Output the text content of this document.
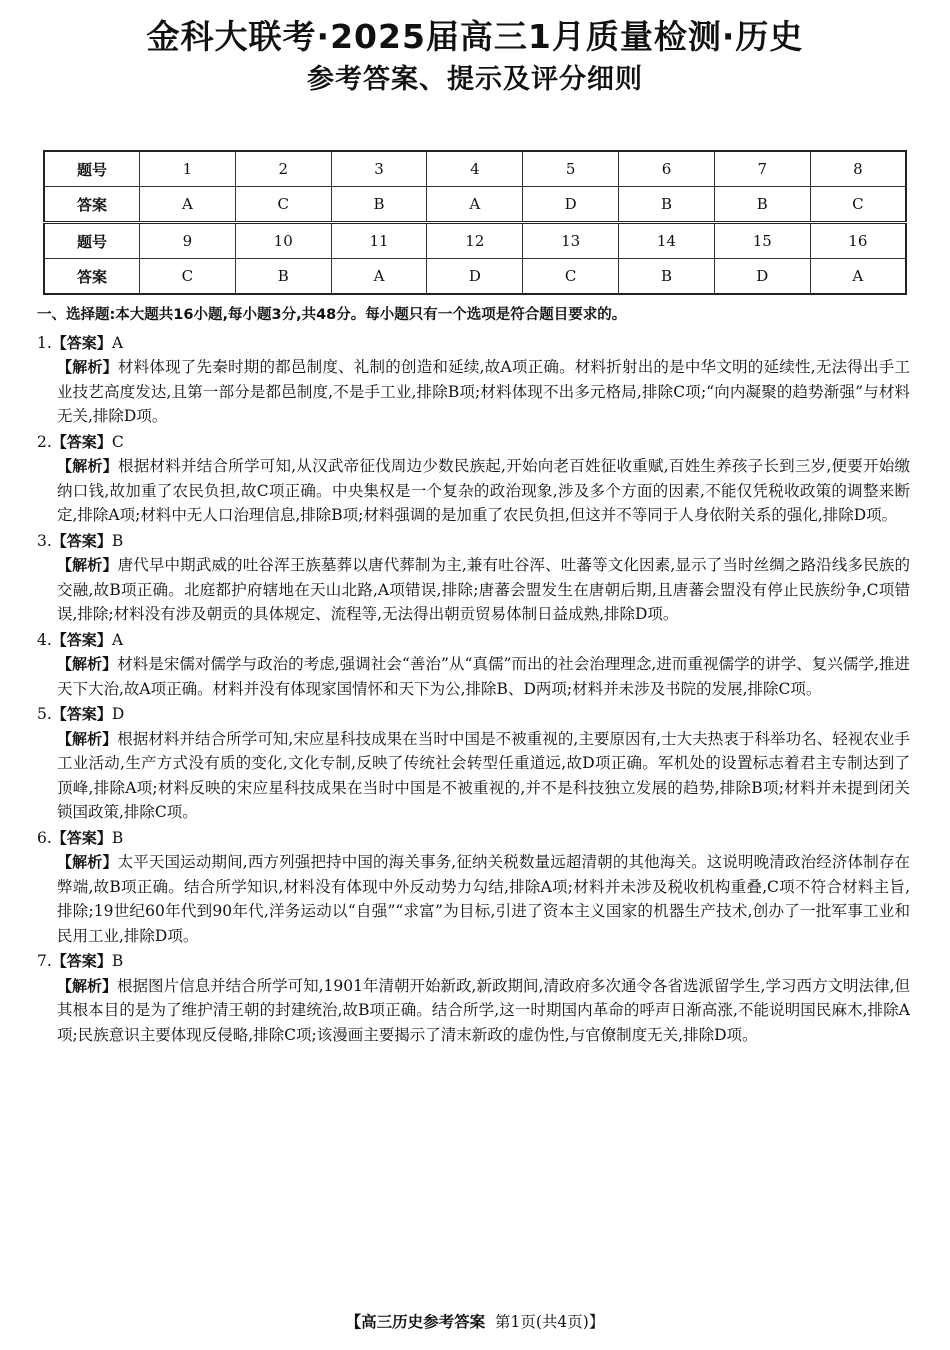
金科大联考·2025届高三1月质量检测·历史
参考答案、提示及评分细则
题号	1	2	3	4	5	6	7	8
答案	A	C	B	A	D	B	B	C
题号	9	10	11	12	13	14	15	16
答案	C	B	A	D	C	B	D	A
一、选择题:本大题共16小题,每小题3分,共48分。每小题只有一个选项是符合题目要求的。
1.【答案】A
【解析】材料体现了先秦时期的都邑制度、礼制的创造和延续,故A项正确。材料折射出的是中华文明的延续性,无法得出手工业技艺高度发达,且第一部分是都邑制度,不是手工业,排除B项;材料体现不出多元格局,排除C项;“向内凝聚的趋势渐强”与材料无关,排除D项。
2.【答案】C
【解析】根据材料并结合所学可知,从汉武帝征伐周边少数民族起,开始向老百姓征收重赋,百姓生养孩子长到三岁,便要开始缴纳口钱,故加重了农民负担,故C项正确。中央集权是一个复杂的政治现象,涉及多个方面的因素,不能仅凭税收政策的调整来断定,排除A项;材料中无人口治理信息,排除B项;材料强调的是加重了农民负担,但这并不等同于人身依附关系的强化,排除D项。
3.【答案】B
【解析】唐代早中期武威的吐谷浑王族墓葬以唐代葬制为主,兼有吐谷浑、吐蕃等文化因素,显示了当时丝绸之路沿线多民族的交融,故B项正确。北庭都护府辖地在天山北路,A项错误,排除;唐蕃会盟发生在唐朝后期,且唐蕃会盟没有停止民族纷争,C项错误,排除;材料没有涉及朝贡的具体规定、流程等,无法得出朝贡贸易体制日益成熟,排除D项。
4.【答案】A
【解析】材料是宋儒对儒学与政治的考虑,强调社会“善治”从“真儒”而出的社会治理理念,进而重视儒学的讲学、复兴儒学,推进天下大治,故A项正确。材料并没有体现家国情怀和天下为公,排除B、D两项;材料并未涉及书院的发展,排除C项。
5.【答案】D
【解析】根据材料并结合所学可知,宋应星科技成果在当时中国是不被重视的,主要原因有,士大夫热衷于科举功名、轻视农业手工业活动,生产方式没有质的变化,文化专制,反映了传统社会转型任重道远,故D项正确。军机处的设置标志着君主专制达到了顶峰,排除A项;材料反映的宋应星科技成果在当时中国是不被重视的,并不是科技独立发展的趋势,排除B项;材料并未提到闭关锁国政策,排除C项。
6.【答案】B
【解析】太平天国运动期间,西方列强把持中国的海关事务,征纳关税数量远超清朝的其他海关。这说明晚清政治经济体制存在弊端,故B项正确。结合所学知识,材料没有体现中外反动势力勾结,排除A项;材料并未涉及税收机构重叠,C项不符合材料主旨,排除;19世纪60年代到90年代,洋务运动以“自强”“求富”为目标,引进了资本主义国家的机器生产技术,创办了一批军事工业和民用工业,排除D项。
7.【答案】B
【解析】根据图片信息并结合所学可知,1901年清朝开始新政,新政期间,清政府多次通令各省选派留学生,学习西方文明法律,但其根本目的是为了维护清王朝的封建统治,故B项正确。结合所学,这一时期国内革命的呼声日渐高涨,不能说明国民麻木,排除A项;民族意识主要体现反侵略,排除C项;该漫画主要揭示了清末新政的虚伪性,与官僚制度无关,排除D项。
【高三历史参考答案 第1页(共4页)】
